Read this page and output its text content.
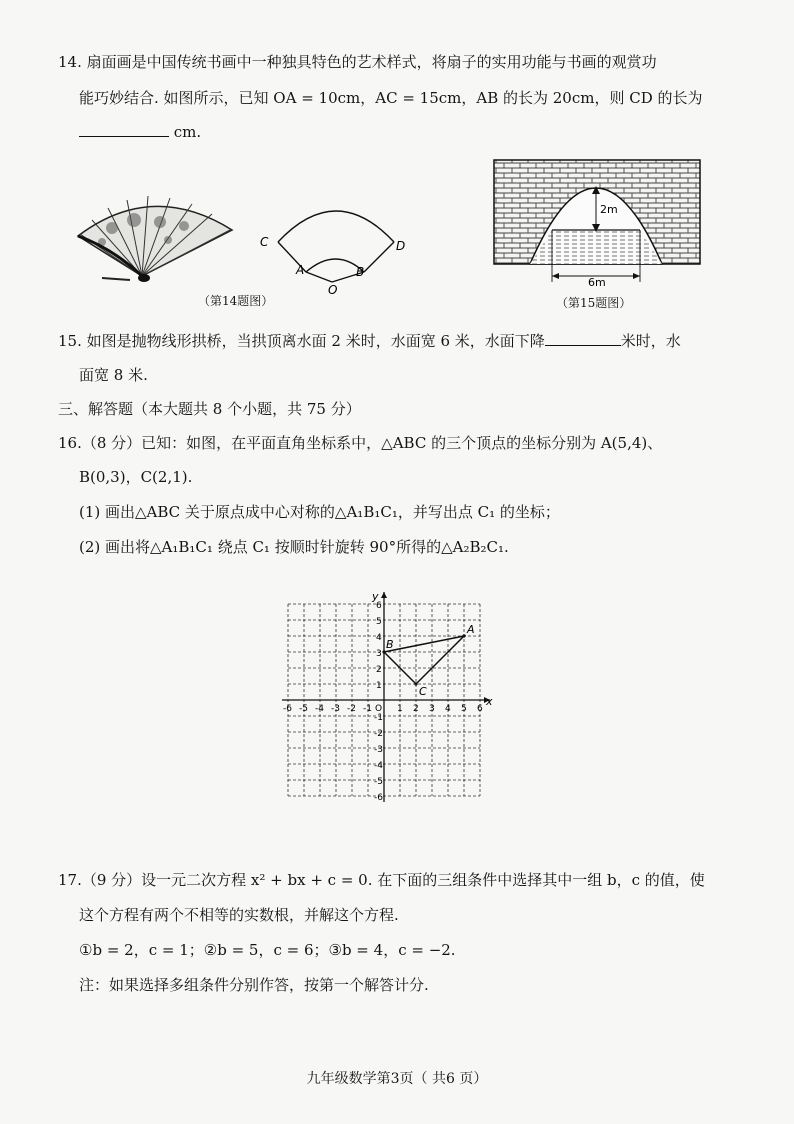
14. 扇面画是中国传统书画中一种独具特色的艺术样式，将扇子的实用功能与书画的观赏功
能巧妙结合. 如图所示，已知 OA = 10cm，AC = 15cm，AB 的长为 20cm，则 CD 的长为
cm.
C	D
A	B
O
（第14题图）
2m
6m
（第15题图）
15. 如图是抛物线形拱桥，当拱顶离水面 2 米时，水面宽 6 米，水面下降	米时，水
面宽 8 米.
三、解答题（本大题共 8 个小题，共 75 分）
16.（8 分）已知：如图，在平面直角坐标系中，△ABC 的三个顶点的坐标分别为 A(5,4)、
B(0,3)，C(2,1).
(1) 画出△ABC 关于原点成中心对称的△A₁B₁C₁，并写出点 C₁ 的坐标；
(2) 画出将△A₁B₁C₁ 绕点 C₁ 按顺时针旋转 90°所得的△A₂B₂C₁.
x
y
O
-6 -5 -4 -3 -2 -1	1 2 3 4 5 6
6
5
4
3
2
1
-1
-2
-3
-4
-5
-6
A
B
C
17.（9 分）设一元二次方程 x² + bx + c = 0. 在下面的三组条件中选择其中一组 b，c 的值，使
这个方程有两个不相等的实数根，并解这个方程.
①b = 2，c = 1；②b = 5，c = 6；③b = 4，c = −2.
注：如果选择多组条件分别作答，按第一个解答计分.
九年级数学第3页（ 共6 页）
